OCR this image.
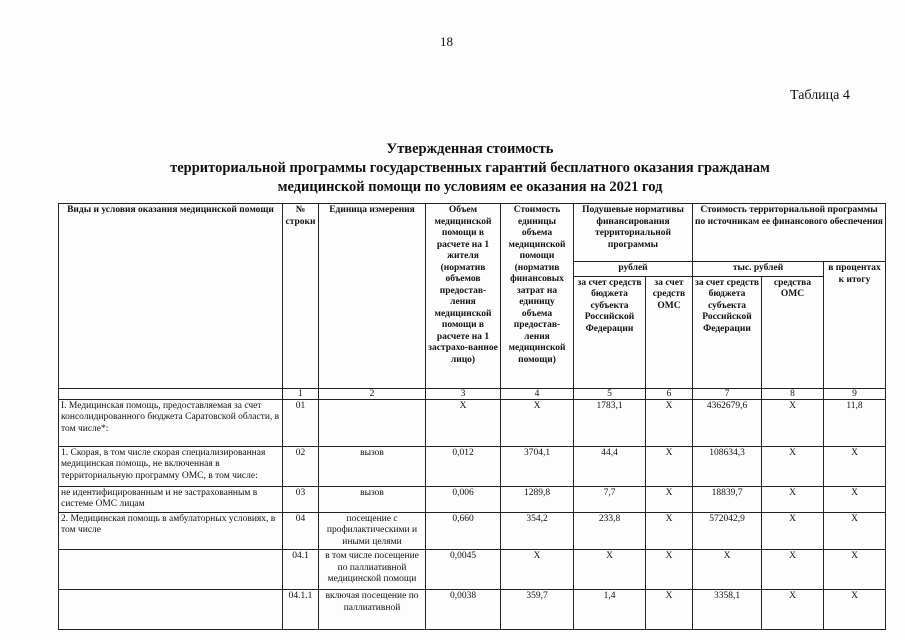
18
Таблица 4
Утвержденная стоимость
территориальной программы государственных гарантий бесплатного оказания гражданам
медицинской помощи по условиям ее оказания на 2021 год
Виды и условия оказания медицинской помощи	№ строки	Единица измерения	Объем медицинской помощи в расчете на 1 жителя (норматив объемов предостав-ления медицинской помощи в расчете на 1 застрахо-ванное лицо)	Стоимость единицы объема медицинской помощи (норматив финансовых затрат на единицу объема предостав-ления медицинской помощи)	Подушевые нормативы финансирования территориальной программы		Стоимость территориальной программы по источникам ее финансового обеспечения		
					рублей		тыс. рублей		в процентах к итогу
					за счет средств бюджета субъекта Российской Федерации	за счет средств ОМС	за счет средств бюджета субъекта Российской Федерации	средства ОМС	
	1	2	3	4	5	6	7	8	9
I. Медицинская помощь, предоставляемая за счет консолидированного бюджета Саратовской области, в том числе*:	01		X	X	1783,1	X	4362679,6	X	11,8
1. Скорая, в том числе скорая специализированная медицинская помощь, не включенная в территориальную программу ОМС, в том числе:	02	вызов	0,012	3704,1	44,4	X	108634,3	X	X
не идентифицированным и не застрахованным в системе ОМС лицам	03	вызов	0,006	1289,8	7,7	X	18839,7	X	X
2. Медицинская помощь в амбулаторных условиях, в том числе	04	посещение с профилактическими и иными целями	0,660	354,2	233,8	X	572042,9	X	X
	04.1	в том числе посещение по паллиативной медицинской помощи	0,0045	X	X	X	X	X	X
	04.1.1	включая посещение по паллиативной	0,0038	359,7	1,4	X	3358,1	X	X
